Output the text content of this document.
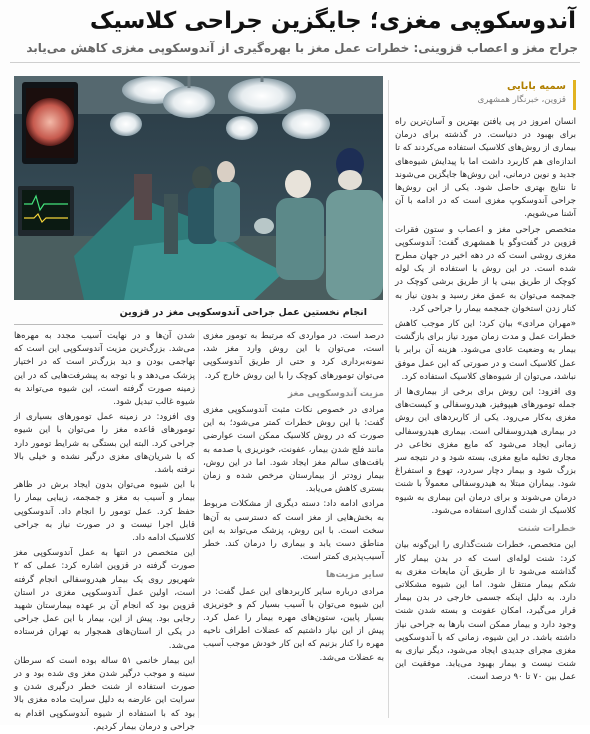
آندوسکوپی مغزی؛ جایگزین جراحی کلاسیک
جراح مغز و اعصاب قزوینی: خطرات عمل مغز با بهره‌گیری از آندوسکوپی مغزی کاهش می‌یابد
انجام نخستین عمل جراحی آندوسکوپی مغز در قزوین
سمیه بابایی
قزوین، خبرنگار همشهری

انسان امروز در پی یافتن بهترین و آسان‌ترین راه برای بهبود در دنیاست. در گذشته برای درمان بیماری از روش‌های کلاسیک استفاده می‌کردند که تا اندازه‌ای هم کاربرد داشت اما با پیدایش شیوه‌های جدید و نوین درمانی، این روش‌ها جایگزین می‌شوند تا نتایج بهتری حاصل شود. یکی از این روش‌ها جراحی آندوسکوپ مغزی است که در ادامه با آن آشنا می‌شویم.

متخصص جراحی مغز و اعصاب و ستون فقرات قزوین در گفت‌وگو با همشهری گفت: آندوسکوپی مغزی روشی است که در دهه اخیر در جهان مطرح شده است. در این روش با استفاده از یک لوله کوچک از طریق بینی یا از طریق برشی کوچک در جمجمه می‌توان به عمق مغز رسید و بدون نیاز به کنار زدن استخوان جمجمه بیمار را جراحی کرد.

«مهران مرادی» بیان کرد: این کار موجب کاهش خطرات عمل و مدت زمان مورد نیاز برای بازگشت بیمار به وضعیت عادی می‌شود. هزینه آن برابر با عمل کلاسیک است و در صورتی که این عمل موفق نباشد، می‌توان از شیوه‌های کلاسیک استفاده کرد.

وی افزود: این روش برای برخی از بیماری‌ها از جمله تومورهای هیپوفیز، هیدروسفالی و کیست‌های مغزی به‌کار می‌رود. یکی از کاربردهای این روش در بیماری هیدروسفالی است. بیماری هیدروسفالی زمانی ایجاد می‌شود که مایع مغزی نخاعی در مجاری تخلیه مایع مغزی، بسته شود و در نتیجه سر بزرگ شود و بیمار دچار سردرد، تهوع و استفراغ شود. بیماران مبتلا به هیدروسفالی معمولاً با شنت درمان می‌شوند و برای درمان این بیماری به شیوه کلاسیک از شنت گذاری استفاده می‌شود.

خطرات شنت

این متخصص، خطرات شنت‌گذاری را این‌گونه بیان کرد: شنت لوله‌ای است که در بدن بیمار کار گذاشته می‌شود تا از طریق آن مایعات مغزی به شکم بیمار منتقل شود. اما این شیوه مشکلاتی دارد. به دلیل اینکه جسمی خارجی در بدن بیمار قرار می‌گیرد، امکان عفونت و بسته شدن شنت وجود دارد و بیمار ممکن است بارها به جراحی نیاز داشته باشد. در این شیوه، زمانی که با آندوسکوپی مغزی مجرای جدیدی ایجاد می‌شود، دیگر نیازی به شنت نیست و بیمار بهبود می‌یابد. موفقیت این عمل بین ۷۰ تا ۹۰ درصد است.

درصد است. در مواردی که مرتبط به تومور مغزی است، می‌توان با این روش وارد مغز شد، نمونه‌برداری کرد و حتی از طریق آندوسکوپی می‌توان تومورهای کوچک را با این روش خارج کرد.

مزیت آندوسکوپی مغز

مرادی در خصوص نکات مثبت آندوسکوپی مغزی گفت: با این روش خطرات کمتر می‌شود؛ به این صورت که در روش کلاسیک ممکن است عوارضی مانند فلج شدن بیمار، عفونت، خونریزی یا صدمه به بافت‌های سالم مغز ایجاد شود. اما در این روش، بیمار زودتر از بیمارستان مرخص شده و زمان بستری کاهش می‌یابد.

مرادی ادامه داد: دسته دیگری از مشکلات مربوط به بخش‌هایی از مغز است که دسترسی به آن‌ها سخت است. با این روش، پزشک می‌تواند به این مناطق دست یابد و بیماری را درمان کند. خطر آسیب‌پذیری کمتر است.

سایر مزیت‌ها

مرادی درباره سایر کاربردهای این عمل گفت: در این شیوه می‌توان با آسیب بسیار کم و خونریزی بسیار پایین، ستون‌های مهره بیمار را عمل کرد. پیش از این نیاز داشتیم که عضلات اطراف ناحیه مهره را کنار بزنیم که این کار خودش موجب آسیب به عضلات می‌شد.

شدن آن‌ها و در نهایت آسیب مجدد به مهره‌ها می‌شد. بزرگ‌ترین مزیت آندوسکوپی این است که تهاجمی بودن و دید بزرگ‌تر است که در اختیار پزشک می‌دهد و با توجه به پیشرفت‌هایی که در این زمینه صورت گرفته است، این شیوه می‌تواند به شیوه غالب تبدیل شود.

وی افزود: در زمینه عمل تومورهای بسیاری از تومورهای قاعده مغز را می‌توان با این شیوه جراحی کرد. البته این بستگی به شرایط تومور دارد که با شریان‌های مغزی درگیر نشده و خیلی بالا نرفته باشد.

با این شیوه می‌توان بدون ایجاد برش در ظاهر بیمار و آسیب به مغز و جمجمه، زیبایی بیمار را حفظ کرد. عمل تومور را انجام داد. آندوسکوپی قابل اجرا نیست و در صورت نیاز به جراحی کلاسیک ادامه داد.

این متخصص در انتها به عمل آندوسکوپی مغز صورت گرفته در قزوین اشاره کرد: عملی که ۲ شهریور روی یک بیمار هیدروسفالی انجام گرفته است، اولین عمل آندوسکوپی مغزی در استان قزوین بود که انجام آن بر عهده بیمارستان شهید رجایی بود. پیش از این، بیمار با این عمل جراحی در یکی از استان‌های همجوار به تهران فرستاده می‌شد.

این بیمار خانمی ۵۱ ساله بوده است که سرطان سینه و موجب درگیر شدن مغز وی شده بود و در صورت استفاده از شنت خطر درگیری شدن و سرایت این عارضه به دلیل سرایت ماده مغزی بالا بود که با استفاده از شیوه آندوسکوپی اقدام به جراحی و درمان بیمار کردیم.
